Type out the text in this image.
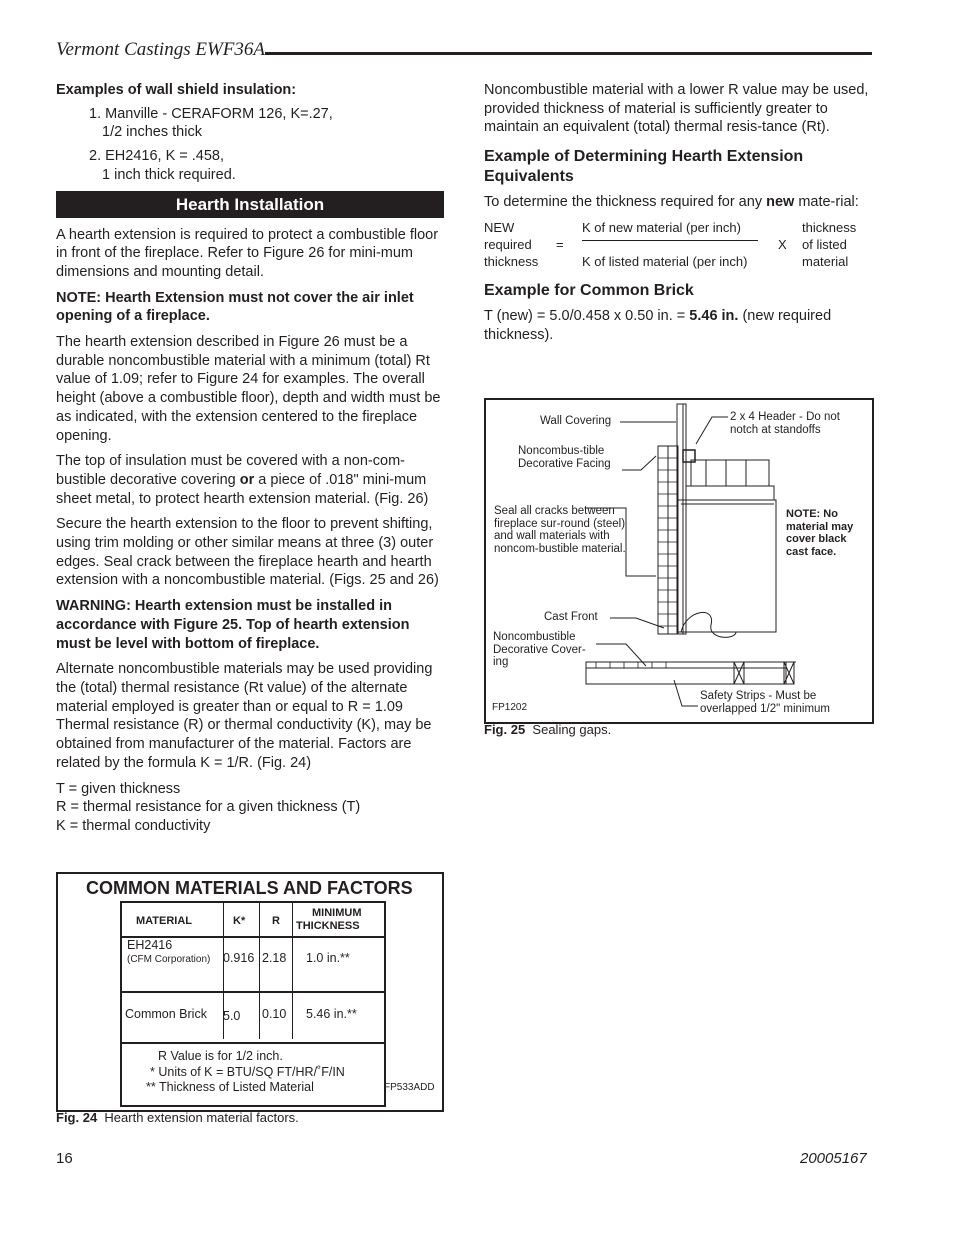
Vermont Castings EWF36A
Examples of wall shield insulation:
1. Manville - CERAFORM 126, K=.27,
1/2 inches thick
2. EH2416, K = .458,
1 inch thick required.
Hearth Installation

A hearth extension is required to protect a combustible floor in front of the fireplace. Refer to Figure 26 for mini-mum dimensions and mounting detail.

NOTE: Hearth Extension must not cover the air inlet opening of a fireplace.

The hearth extension described in Figure 26 must be a durable noncombustible material with a minimum (total) Rt value of 1.09; refer to Figure 24 for examples. The overall height (above a combustible floor), depth and width must be as indicated, with the extension centered to the fireplace opening.

The top of insulation must be covered with a non-com-bustible decorative covering or a piece of .018" mini-mum sheet metal, to protect hearth extension material. (Fig. 26)

Secure the hearth extension to the floor to prevent shifting, using trim molding or other similar means at three (3) outer edges. Seal crack between the fireplace hearth and hearth extension with a noncombustible material. (Figs. 25 and 26)

WARNING: Hearth extension must be installed in accordance with Figure 25. Top of hearth extension must be level with bottom of fireplace.

Alternate noncombustible materials may be used providing the (total) thermal resistance (Rt value) of the alternate material employed is greater than or equal to R = 1.09 Thermal resistance (R) or thermal conductivity (K), may be obtained from manufacturer of the material. Factors are related by the formula K = 1/R. (Fig. 24)

T = given thickness
R = thermal resistance for a given thickness (T)
K = thermal conductivity
COMMON MATERIALS AND FACTORS
MATERIAL	K* R
MINIMUM
THICKNESS
EH2416
(CFM Corporation) 0.916 2.18 1.0 in.**
Common Brick 5.0 0.10 5.46 in.**
R Value is for 1/2 inch.
* Units of K = BTU/SQ FT/HR/˚F/IN
** Thickness of Listed Material	FP533ADD
Fig. 24 Hearth extension material factors.

Noncombustible material with a lower R value may be used, provided thickness of material is sufficiently greater to maintain an equivalent (total) thermal resis-tance (Rt).

Example of Determining Hearth Extension Equivalents

To determine the thickness required for any new mate-rial:

NEW
required
thickness
=
K of new material (per inch)
K of listed material (per inch)
X
thickness
of listed
material
Example for Common Brick

T (new) = 5.0/0.458 x 0.50 in. = 5.46 in. (new required thickness).

Wall Covering	2 x 4 Header - Do not notch at standoffs
Noncombus-tible Decorative Facing
Seal all cracks between fireplace sur-round (steel) and wall materials with noncom-bustible material.
NOTE: No material may cover black cast face.
Cast Front
Noncombustible Decorative Cover-ing
Safety Strips - Must be overlapped 1/2" minimum
FP1202
Fig. 25 Sealing gaps.
16	20005167
